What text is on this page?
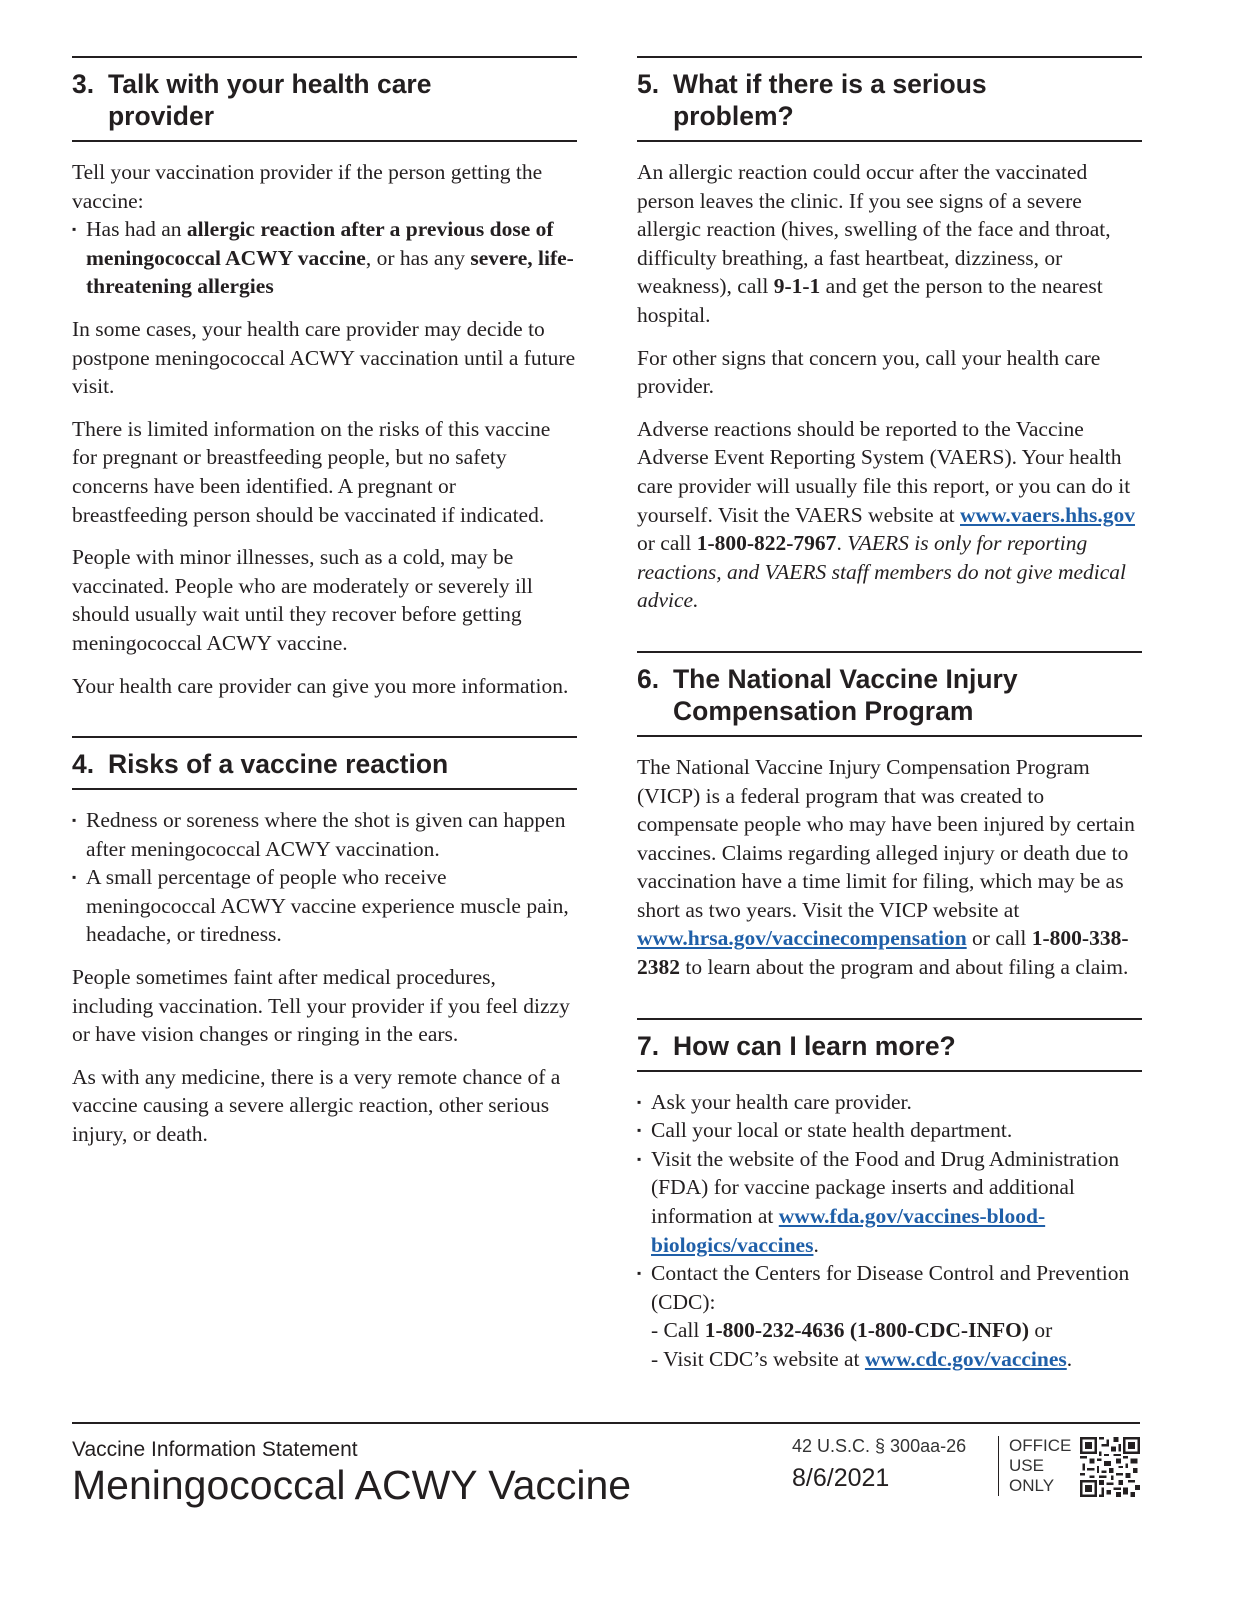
3. Talk with your health care provider

Tell your vaccination provider if the person getting the vaccine:

▪ Has had an allergic reaction after a previous dose of meningococcal ACWY vaccine, or has any severe, life-threatening allergies

In some cases, your health care provider may decide to postpone meningococcal ACWY vaccination until a future visit.

There is limited information on the risks of this vaccine for pregnant or breastfeeding people, but no safety concerns have been identified. A pregnant or breastfeeding person should be vaccinated if indicated.

People with minor illnesses, such as a cold, may be vaccinated. People who are moderately or severely ill should usually wait until they recover before getting meningococcal ACWY vaccine.

Your health care provider can give you more information.

4. Risks of a vaccine reaction
▪ Redness or soreness where the shot is given can happen after meningococcal ACWY vaccination.
▪ A small percentage of people who receive meningococcal ACWY vaccine experience muscle pain, headache, or tiredness.

People sometimes faint after medical procedures, including vaccination. Tell your provider if you feel dizzy or have vision changes or ringing in the ears.

As with any medicine, there is a very remote chance of a vaccine causing a severe allergic reaction, other serious injury, or death.

5. What if there is a serious problem?

An allergic reaction could occur after the vaccinated person leaves the clinic. If you see signs of a severe allergic reaction (hives, swelling of the face and throat, difficulty breathing, a fast heartbeat, dizziness, or weakness), call 9-1-1 and get the person to the nearest hospital.

For other signs that concern you, call your health care provider.

Adverse reactions should be reported to the Vaccine Adverse Event Reporting System (VAERS). Your health care provider will usually file this report, or you can do it yourself. Visit the VAERS website at www.vaers.hhs.gov or call 1-800-822-7967. VAERS is only for reporting reactions, and VAERS staff members do not give medical advice.

6. The National Vaccine Injury Compensation Program

The National Vaccine Injury Compensation Program (VICP) is a federal program that was created to compensate people who may have been injured by certain vaccines. Claims regarding alleged injury or death due to vaccination have a time limit for filing, which may be as short as two years. Visit the VICP website at www.hrsa.gov/vaccinecompensation or call 1-800-338-2382 to learn about the program and about filing a claim.

7. How can I learn more?
▪ Ask your health care provider.
▪ Call your local or state health department.
▪ Visit the website of the Food and Drug Administration (FDA) for vaccine package inserts and additional information at www.fda.gov/vaccines-blood-biologics/vaccines.
▪ Contact the Centers for Disease Control and Prevention (CDC):
- Call 1-800-232-4636 (1-800-CDC-INFO) or
- Visit CDC’s website at www.cdc.gov/vaccines.
Vaccine Information Statement
Meningococcal ACWY Vaccine
42 U.S.C. § 300aa-26
8/6/2021
OFFICE
USE
ONLY
